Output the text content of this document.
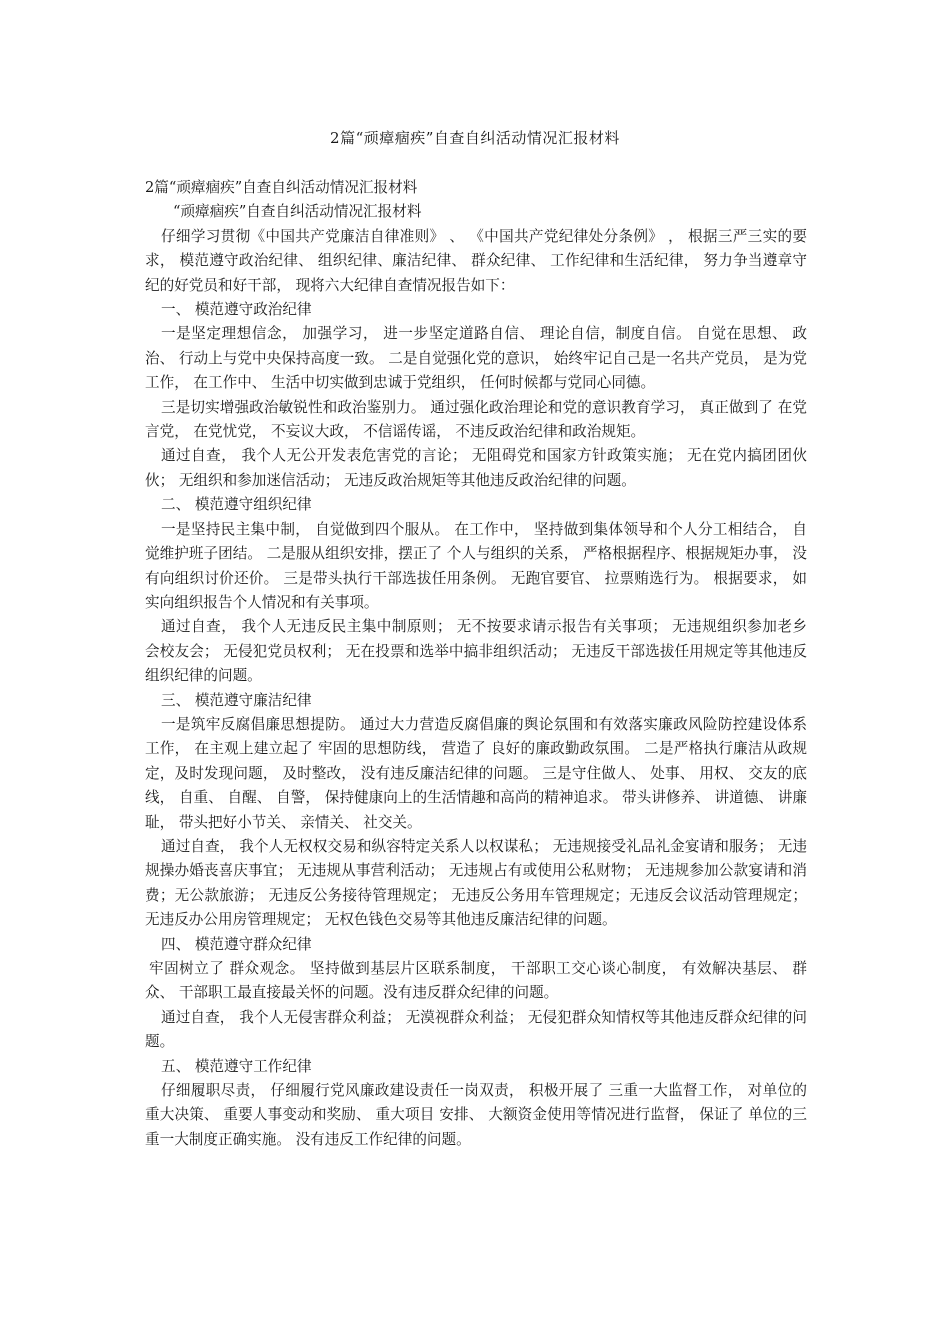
2篇“顽瘴痼疾”自查自纠活动情况汇报材料

2篇“顽瘴痼疾”自查自纠活动情况汇报材料

“顽瘴痼疾”自查自纠活动情况汇报材料

仔细学习贯彻《中国共产党廉洁自律准则》 、 《中国共产党纪律处分条例》 ， 根据三严三实的要求， 模范遵守政治纪律、 组织纪律、廉洁纪律、 群众纪律、 工作纪律和生活纪律， 努力争当遵章守纪的好党员和好干部， 现将六大纪律自查情况报告如下：

一、 模范遵守政治纪律

一是坚定理想信念， 加强学习， 进一步坚定道路自信、 理论自信，制度自信。 自觉在思想、 政治、 行动上与党中央保持高度一致。 二是自觉强化党的意识， 始终牢记自己是一名共产党员， 是为党工作， 在工作中、 生活中切实做到忠诚于党组织， 任何时候都与党同心同德。

三是切实增强政治敏锐性和政治鉴别力。 通过强化政治理论和党的意识教育学习， 真正做到了 在党言党， 在党忧党， 不妄议大政， 不信谣传谣， 不违反政治纪律和政治规矩。

通过自查， 我个人无公开发表危害党的言论； 无阻碍党和国家方针政策实施； 无在党内搞团团伙伙； 无组织和参加迷信活动； 无违反政治规矩等其他违反政治纪律的问题。

二、 模范遵守组织纪律

一是坚持民主集中制， 自觉做到四个服从。 在工作中， 坚持做到集体领导和个人分工相结合， 自觉维护班子团结。 二是服从组织安排，摆正了 个人与组织的关系， 严格根据程序、根据规矩办事， 没有向组织讨价还价。 三是带头执行干部选拔任用条例。 无跑官要官、 拉票贿选行为。 根据要求， 如实向组织报告个人情况和有关事项。

通过自查， 我个人无违反民主集中制原则； 无不按要求请示报告有关事项； 无违规组织参加老乡 会校友会； 无侵犯党员权利； 无在投票和选举中搞非组织活动； 无违反干部选拔任用规定等其他违反组织纪律的问题。

三、 模范遵守廉洁纪律

一是筑牢反腐倡廉思想提防。 通过大力营造反腐倡廉的舆论氛围和有效落实廉政风险防控建设体系工作， 在主观上建立起了 牢固的思想防线， 营造了 良好的廉政勤政氛围。 二是严格执行廉洁从政规定，及时发现问题， 及时整改， 没有违反廉洁纪律的问题。 三是守住做人、 处事、 用权、 交友的底线， 自重、 自醒、 自警， 保持健康向上的生活情趣和高尚的精神追求。 带头讲修养、 讲道德、 讲廉耻， 带头把好小节关、 亲情关、 社交关。

通过自查， 我个人无权权交易和纵容特定关系人以权谋私； 无违规接受礼品礼金宴请和服务； 无违规操办婚丧喜庆事宜； 无违规从事营利活动； 无违规占有或使用公私财物； 无违规参加公款宴请和消费；无公款旅游； 无违反公务接待管理规定； 无违反公务用车管理规定；无违反会议活动管理规定； 无违反办公用房管理规定； 无权色钱色交易等其他违反廉洁纪律的问题。

四、 模范遵守群众纪律

牢固树立了 群众观念。 坚持做到基层片区联系制度， 干部职工交心谈心制度， 有效解决基层、 群众、 干部职工最直接最关怀的问题。没有违反群众纪律的问题。

通过自查， 我个人无侵害群众利益； 无漠视群众利益； 无侵犯群众知情权等其他违反群众纪律的问题。

五、 模范遵守工作纪律

仔细履职尽责， 仔细履行党风廉政建设责任一岗双责， 积极开展了 三重一大监督工作， 对单位的重大决策、 重要人事变动和奖励、 重大项目 安排、 大额资金使用等情况进行监督， 保证了 单位的三重一大制度正确实施。 没有违反工作纪律的问题。
